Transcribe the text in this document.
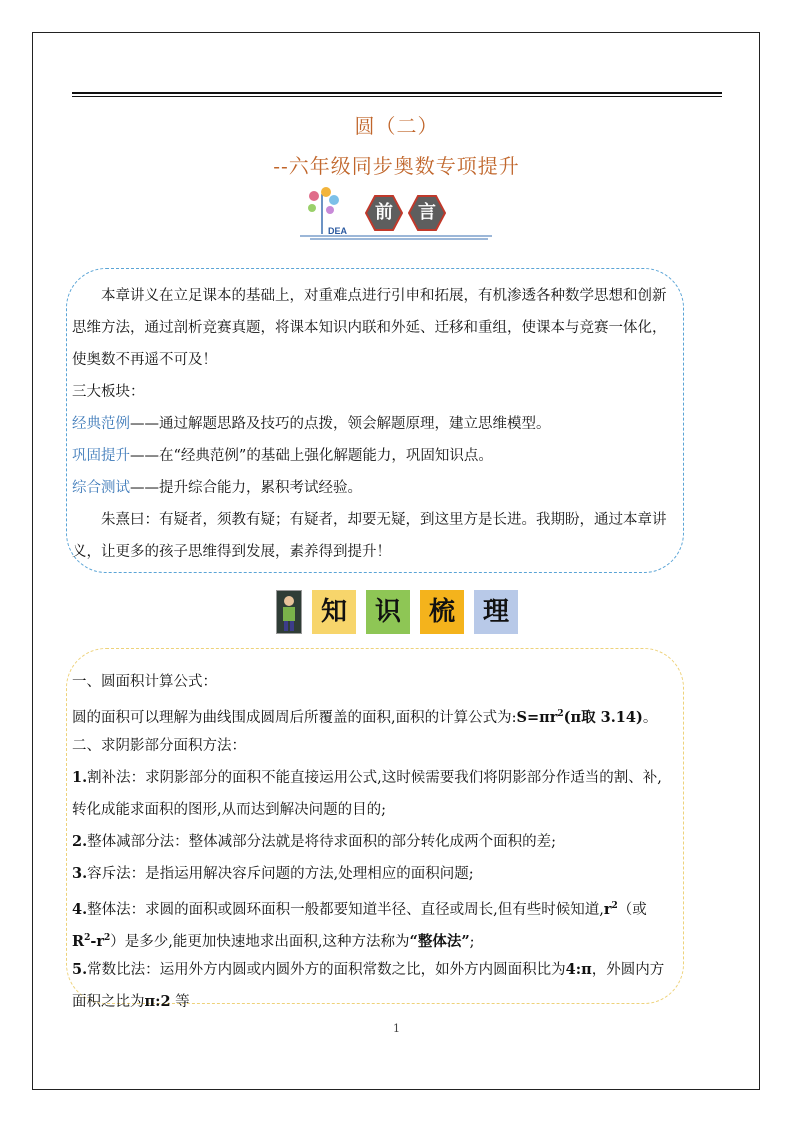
圆（二）
--六年级同步奥数专项提升
DEA
前	言

本章讲义在立足课本的基础上，对重难点进行引申和拓展，有机渗透各种数学思想和创新

思维方法，通过剖析竞赛真题，将课本知识内联和外延、迁移和重组，使课本与竞赛一体化，

使奥数不再遥不可及！

三大板块：

经典范例——通过解题思路及技巧的点拨，领会解题原理，建立思维模型。

巩固提升——在“经典范例”的基础上强化解题能力，巩固知识点。

综合测试——提升综合能力，累积考试经验。

朱熹曰：有疑者，须教有疑；有疑者，却要无疑，到这里方是长进。我期盼，通过本章讲

义，让更多的孩子思维得到发展，素养得到提升！

知	识	梳	理

一、圆面积计算公式：

圆的面积可以理解为曲线围成圆周后所覆盖的面积,面积的计算公式为$:S=\pi r^2(\pi$取 3.14)。

二、求阴影部分面积方法：

1.割补法：求阴影部分的面积不能直接运用公式,这时候需要我们将阴影部分作适当的割、补,

转化成能求面积的图形,从而达到解决问题的目的;

2.整体减部分法：整体减部分法就是将待求面积的部分转化成两个面积的差;

3.容斥法：是指运用解决容斥问题的方法,处理相应的面积问题;

4.整体法：求圆的面积或圆环面积一般都要知道半径、直径或周长,但有些时候知道$,r^2$（或

$R^2-r^2$）是多少,能更加快速地求出面积,这种方法称为“整体法”;

5.常数比法：运用外方内圆或内圆外方的面积常数之比，如外方内圆面积比为4:π，外圆内方

面积之比为π:2 等

1
